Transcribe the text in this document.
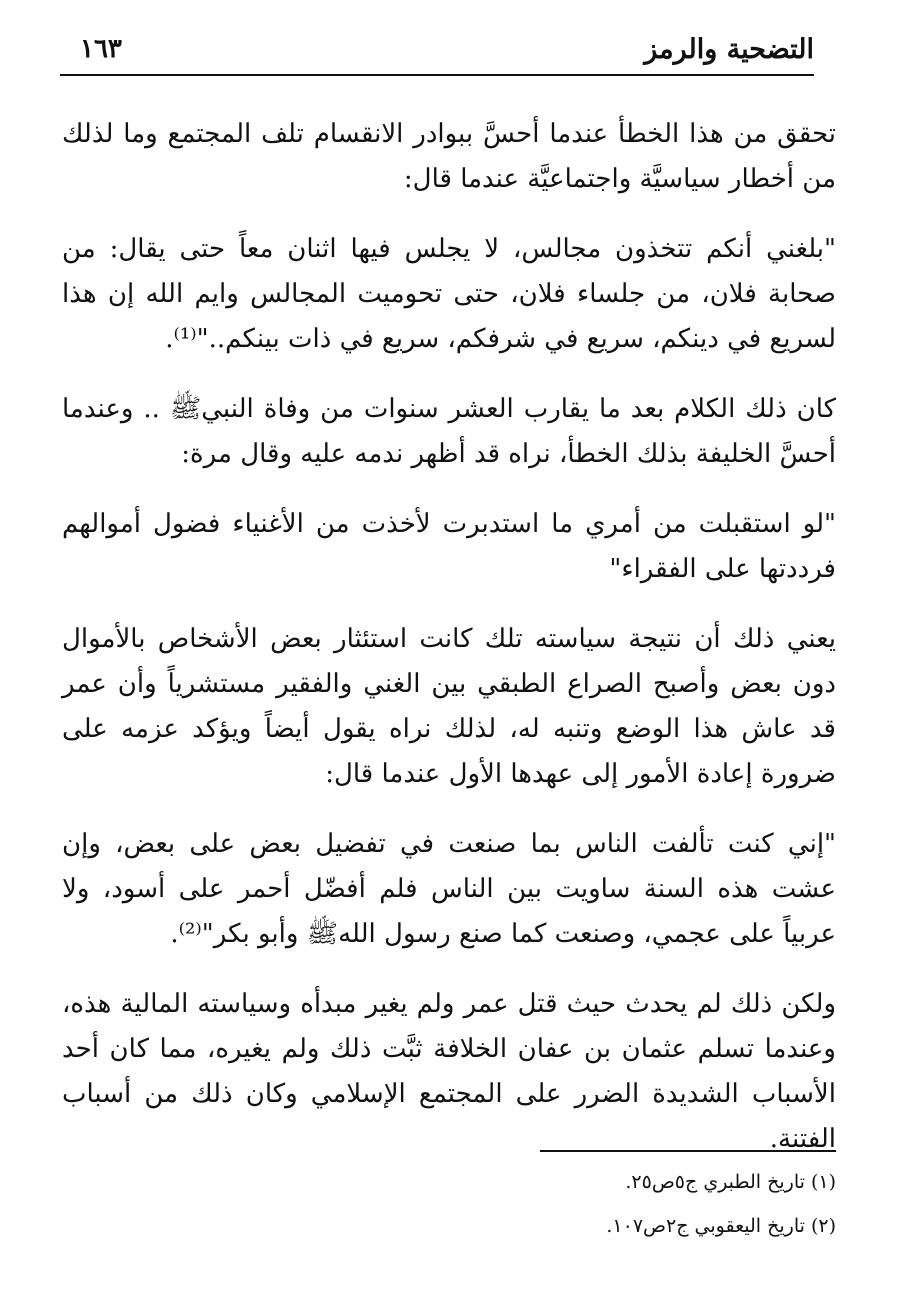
التضحية والرمز
١٦٣

تحقق من هذا الخطأ عندما أحسَّ ببوادر الانقسام تلف المجتمع وما لذلك من أخطار سياسيَّة واجتماعيَّة عندما قال:

"بلغني أنكم تتخذون مجالس، لا يجلس فيها اثنان معاً حتى يقال: من صحابة فلان، من جلساء فلان، حتى تحوميت المجالس وايم الله إن هذا لسريع في دينكم، سريع في شرفكم، سريع في ذات بينكم.."⁽¹⁾.

كان ذلك الكلام بعد ما يقارب العشر سنوات من وفاة النبيﷺ .. وعندما أحسَّ الخليفة بذلك الخطأ، نراه قد أظهر ندمه عليه وقال مرة:

"لو استقبلت من أمري ما استدبرت لأخذت من الأغنياء فضول أموالهم فرددتها على الفقراء"

يعني ذلك أن نتيجة سياسته تلك كانت استئثار بعض الأشخاص بالأموال دون بعض وأصبح الصراع الطبقي بين الغني والفقير مستشرياً وأن عمر قد عاش هذا الوضع وتنبه له، لذلك نراه يقول أيضاً ويؤكد عزمه على ضرورة إعادة الأمور إلى عهدها الأول عندما قال:

"إني كنت تألفت الناس بما صنعت في تفضيل بعض على بعض، وإن عشت هذه السنة ساويت بين الناس فلم أفضّل أحمر على أسود، ولا عربياً على عجمي، وصنعت كما صنع رسول اللهﷺ وأبو بكر"⁽²⁾.

ولكن ذلك لم يحدث حيث قتل عمر ولم يغير مبدأه وسياسته المالية هذه، وعندما تسلم عثمان بن عفان الخلافة ثبَّت ذلك ولم يغيره، مما كان أحد الأسباب الشديدة الضرر على المجتمع الإسلامي وكان ذلك من أسباب الفتنة.

(١) تاريخ الطبري ج٥ص٢٥.
(٢) تاريخ اليعقوبي ج٢ص١٠٧.
